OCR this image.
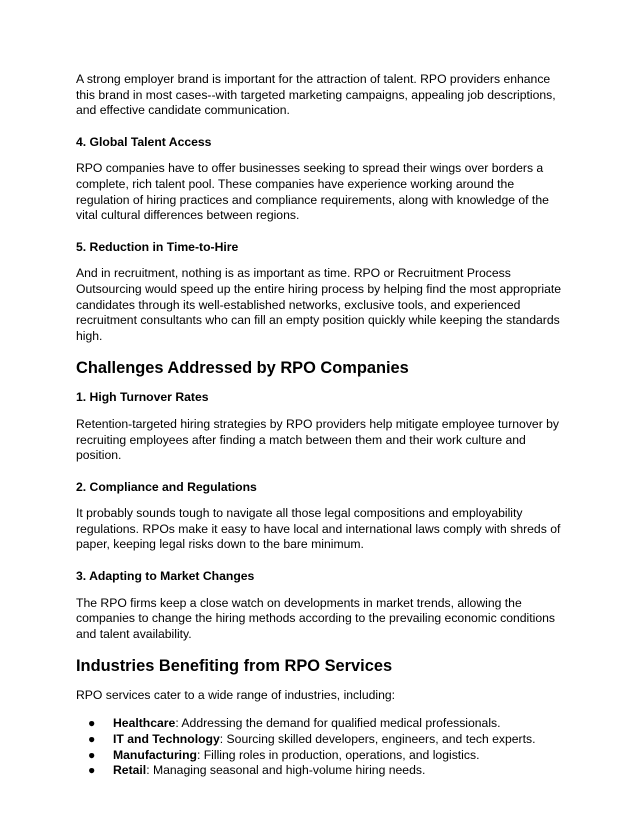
A strong employer brand is important for the attraction of talent. RPO providers enhance this brand in most cases--with targeted marketing campaigns, appealing job descriptions, and effective candidate communication.

4. Global Talent Access

RPO companies have to offer businesses seeking to spread their wings over borders a complete, rich talent pool. These companies have experience working around the regulation of hiring practices and compliance requirements, along with knowledge of the vital cultural differences between regions.

5. Reduction in Time-to-Hire

And in recruitment, nothing is as important as time. RPO or Recruitment Process Outsourcing would speed up the entire hiring process by helping find the most appropriate candidates through its well-established networks, exclusive tools, and experienced recruitment consultants who can fill an empty position quickly while keeping the standards high.

Challenges Addressed by RPO Companies
1. High Turnover Rates

Retention-targeted hiring strategies by RPO providers help mitigate employee turnover by recruiting employees after finding a match between them and their work culture and position.

2. Compliance and Regulations

It probably sounds tough to navigate all those legal compositions and employability regulations. RPOs make it easy to have local and international laws comply with shreds of paper, keeping legal risks down to the bare minimum.

3. Adapting to Market Changes

The RPO firms keep a close watch on developments in market trends, allowing the companies to change the hiring methods according to the prevailing economic conditions and talent availability.

Industries Benefiting from RPO Services

RPO services cater to a wide range of industries, including:

● Healthcare: Addressing the demand for qualified medical professionals.
● IT and Technology: Sourcing skilled developers, engineers, and tech experts.
● Manufacturing: Filling roles in production, operations, and logistics.
● Retail: Managing seasonal and high-volume hiring needs.
